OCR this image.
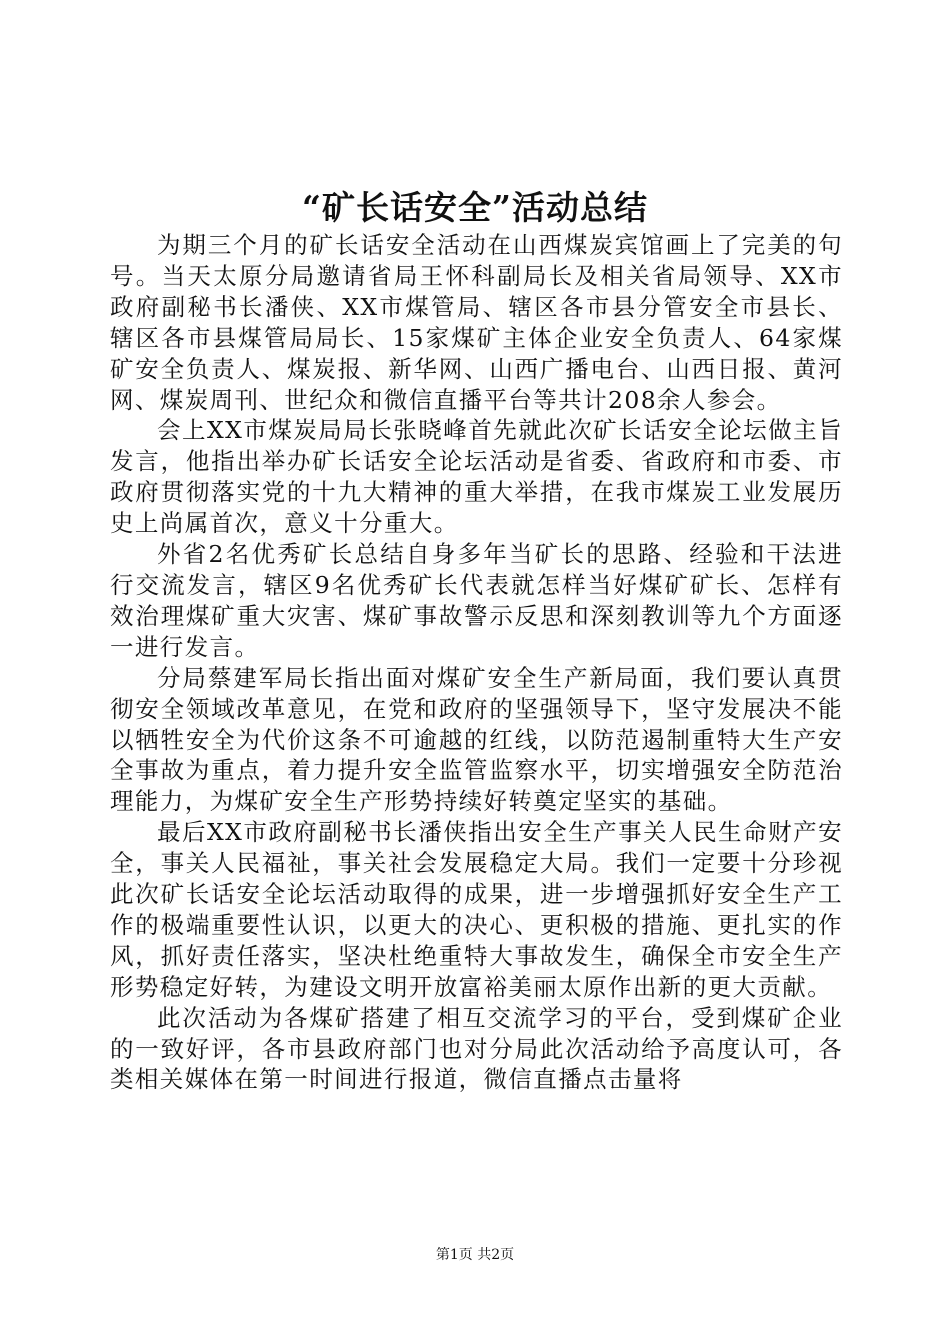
“矿长话安全”活动总结

为期三个月的矿长话安全活动在山西煤炭宾馆画上了完美的句号。当天太原分局邀请省局王怀科副局长及相关省局领导、XX市政府副秘书长潘侠、XX市煤管局、辖区各市县分管安全市县长、辖区各市县煤管局局长、15家煤矿主体企业安全负责人、64家煤矿安全负责人、煤炭报、新华网、山西广播电台、山西日报、黄河网、煤炭周刊、世纪众和微信直播平台等共计208余人参会。

会上XX市煤炭局局长张晓峰首先就此次矿长话安全论坛做主旨发言，他指出举办矿长话安全论坛活动是省委、省政府和市委、市政府贯彻落实党的十九大精神的重大举措，在我市煤炭工业发展历史上尚属首次，意义十分重大。

外省2名优秀矿长总结自身多年当矿长的思路、经验和干法进行交流发言，辖区9名优秀矿长代表就怎样当好煤矿矿长、怎样有效治理煤矿重大灾害、煤矿事故警示反思和深刻教训等九个方面逐一进行发言。

分局蔡建军局长指出面对煤矿安全生产新局面，我们要认真贯彻安全领域改革意见，在党和政府的坚强领导下，坚守发展决不能以牺牲安全为代价这条不可逾越的红线，以防范遏制重特大生产安全事故为重点，着力提升安全监管监察水平，切实增强安全防范治理能力，为煤矿安全生产形势持续好转奠定坚实的基础。

最后XX市政府副秘书长潘侠指出安全生产事关人民生命财产安全，事关人民福祉，事关社会发展稳定大局。我们一定要十分珍视此次矿长话安全论坛活动取得的成果，进一步增强抓好安全生产工作的极端重要性认识，以更大的决心、更积极的措施、更扎实的作风，抓好责任落实，坚决杜绝重特大事故发生，确保全市安全生产形势稳定好转，为建设文明开放富裕美丽太原作出新的更大贡献。

此次活动为各煤矿搭建了相互交流学习的平台，受到煤矿企业的一致好评，各市县政府部门也对分局此次活动给予高度认可，各类相关媒体在第一时间进行报道，微信直播点击量将

第1页 共2页
